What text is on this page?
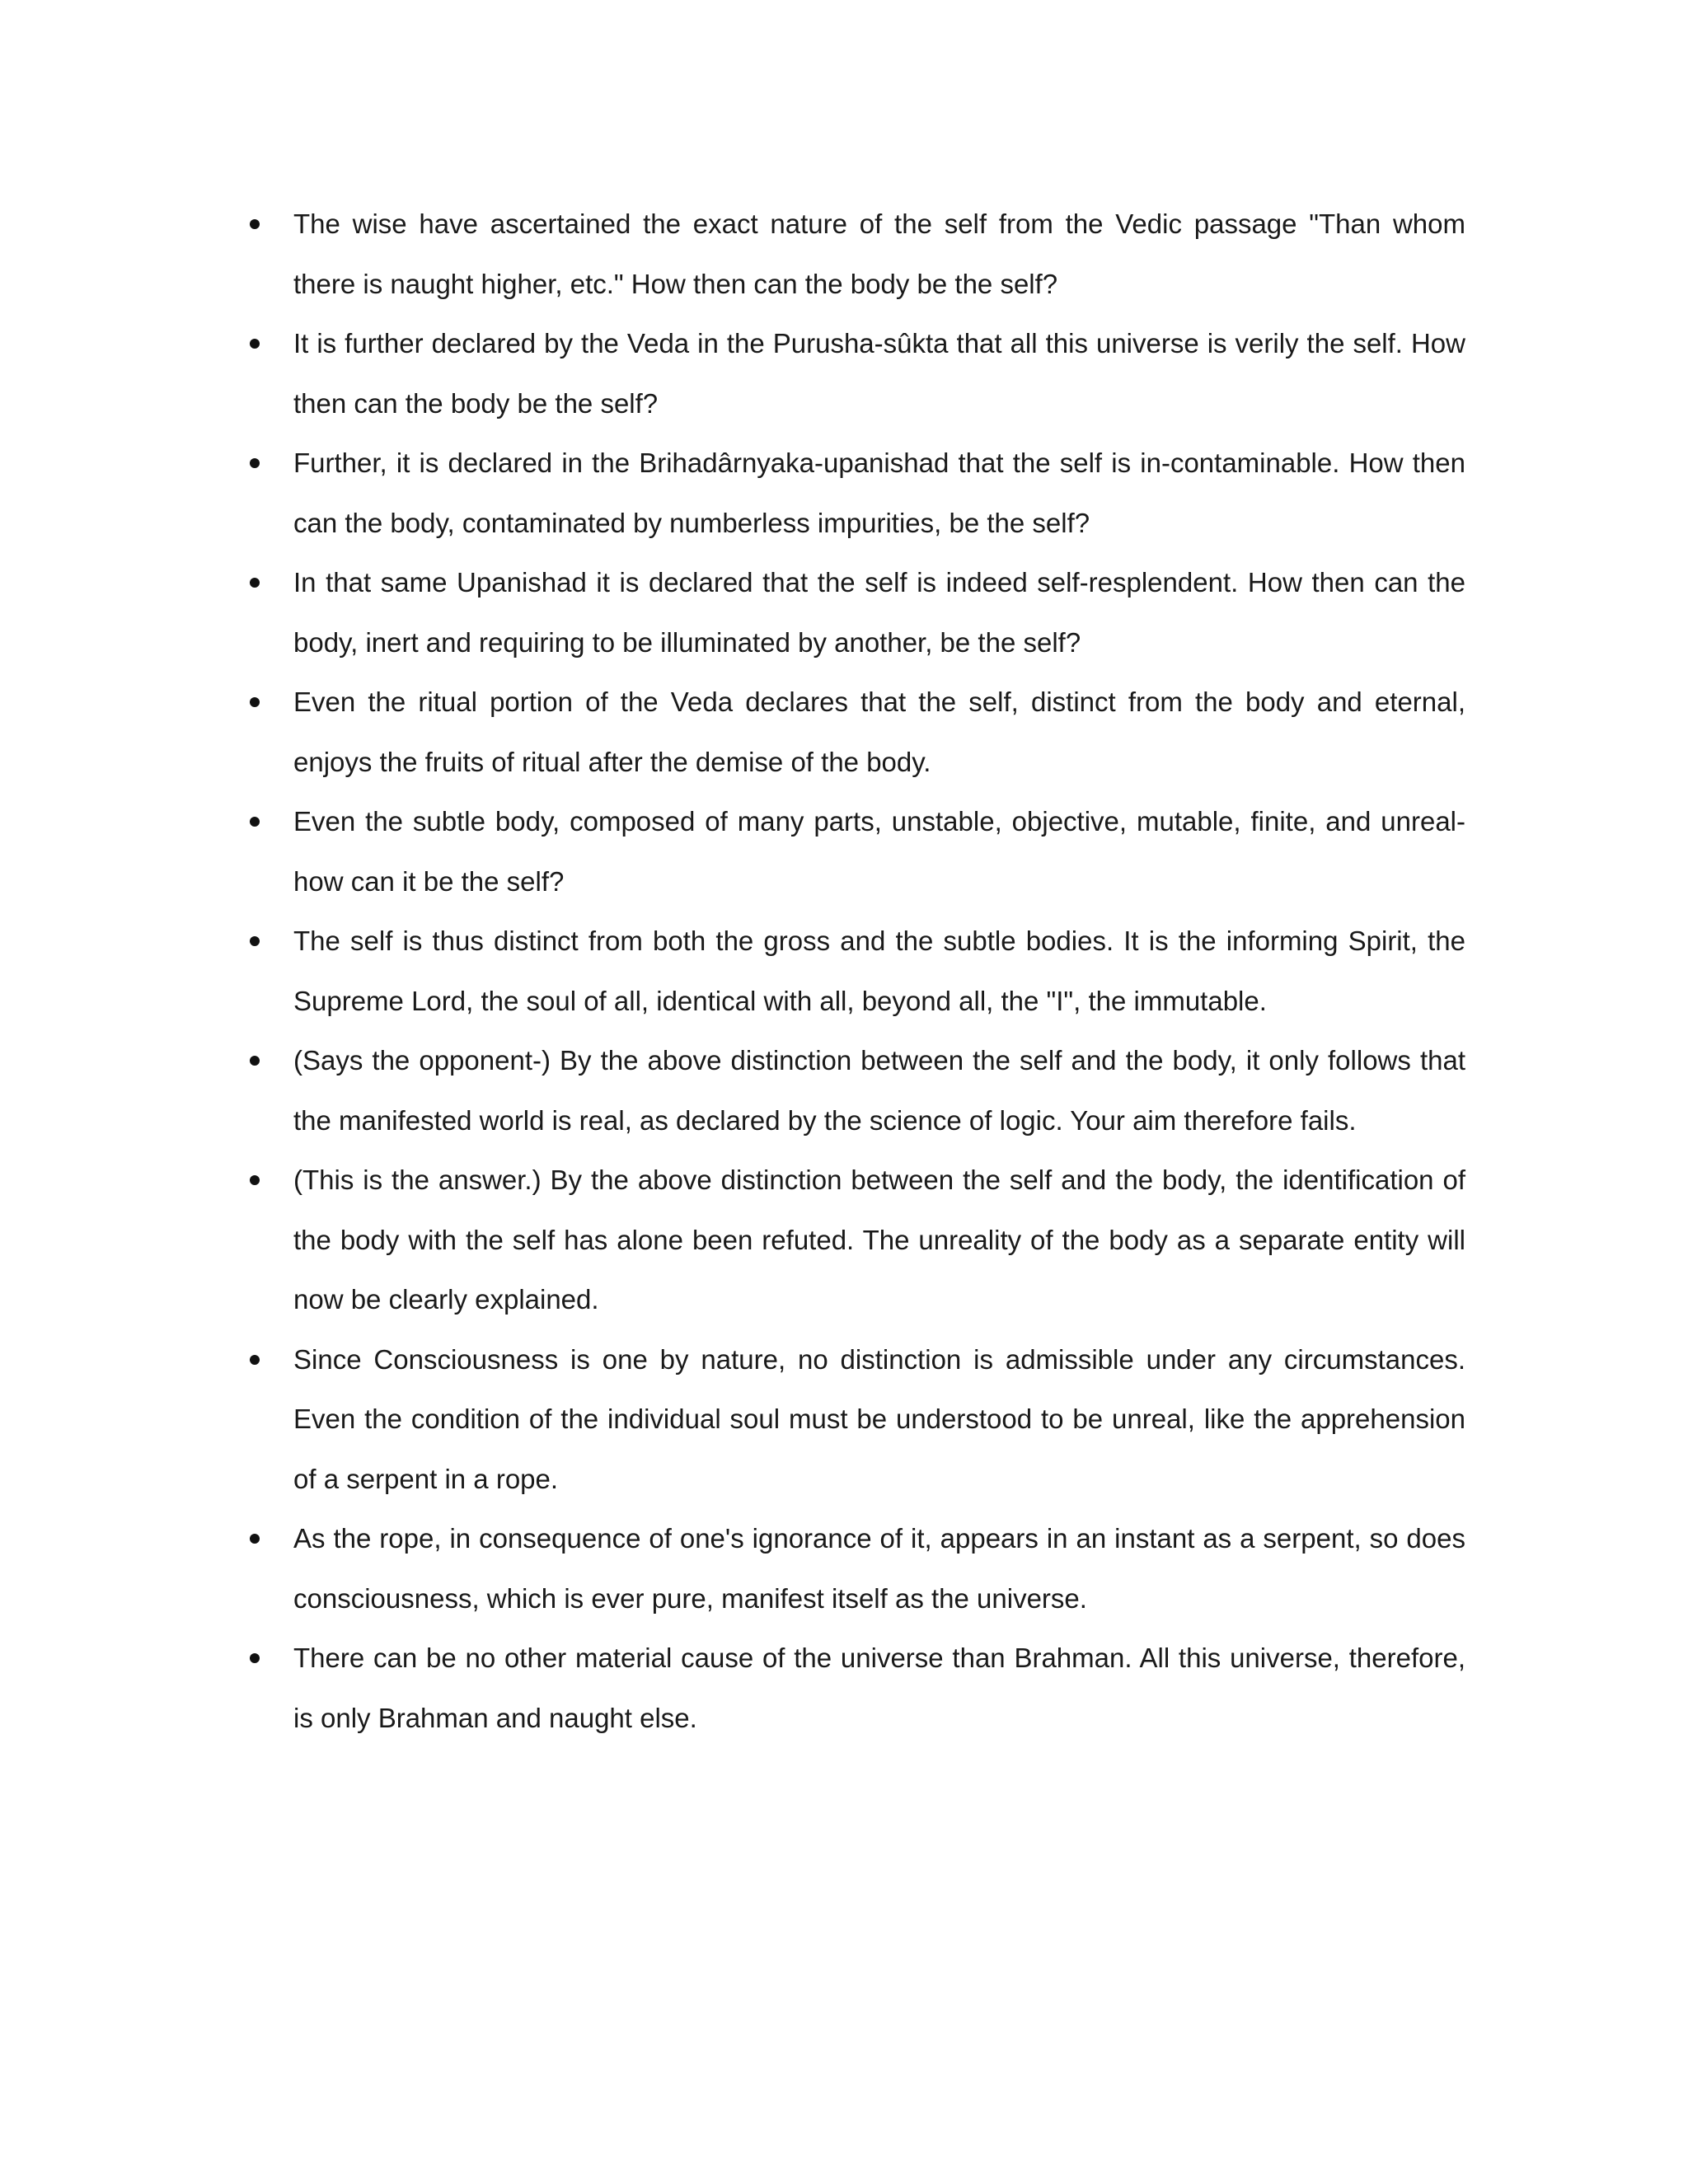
The wise have ascertained the exact nature of the self from the Vedic passage "Than whom there is naught higher, etc." How then can the body be the self?
It is further declared by the Veda in the Purusha-sûkta that all this universe is verily the self. How then can the body be the self?
Further, it is declared in the Brihadârnyaka-upanishad that the self is in-contaminable. How then can the body, contaminated by numberless impurities, be the self?
In that same Upanishad it is declared that the self is indeed self-resplendent. How then can the body, inert and requiring to be illuminated by another, be the self?
Even the ritual portion of the Veda declares that the self, distinct from the body and eternal, enjoys the fruits of ritual after the demise of the body.
Even the subtle body, composed of many parts, unstable, objective, mutable, finite, and unreal- how can it be the self?
The self is thus distinct from both the gross and the subtle bodies. It is the informing Spirit, the Supreme Lord, the soul of all, identical with all, beyond all, the "I", the immutable.
(Says the opponent-) By the above distinction between the self and the body, it only follows that the manifested world is real, as declared by the science of logic. Your aim therefore fails.
(This is the answer.) By the above distinction between the self and the body, the identification of the body with the self has alone been refuted. The unreality of the body as a separate entity will now be clearly explained.
Since Consciousness is one by nature, no distinction is admissible under any circumstances. Even the condition of the individual soul must be understood to be unreal, like the apprehension of a serpent in a rope.
As the rope, in consequence of one's ignorance of it, appears in an instant as a serpent, so does consciousness, which is ever pure, manifest itself as the universe.
There can be no other material cause of the universe than Brahman. All this universe, therefore, is only Brahman and naught else.
